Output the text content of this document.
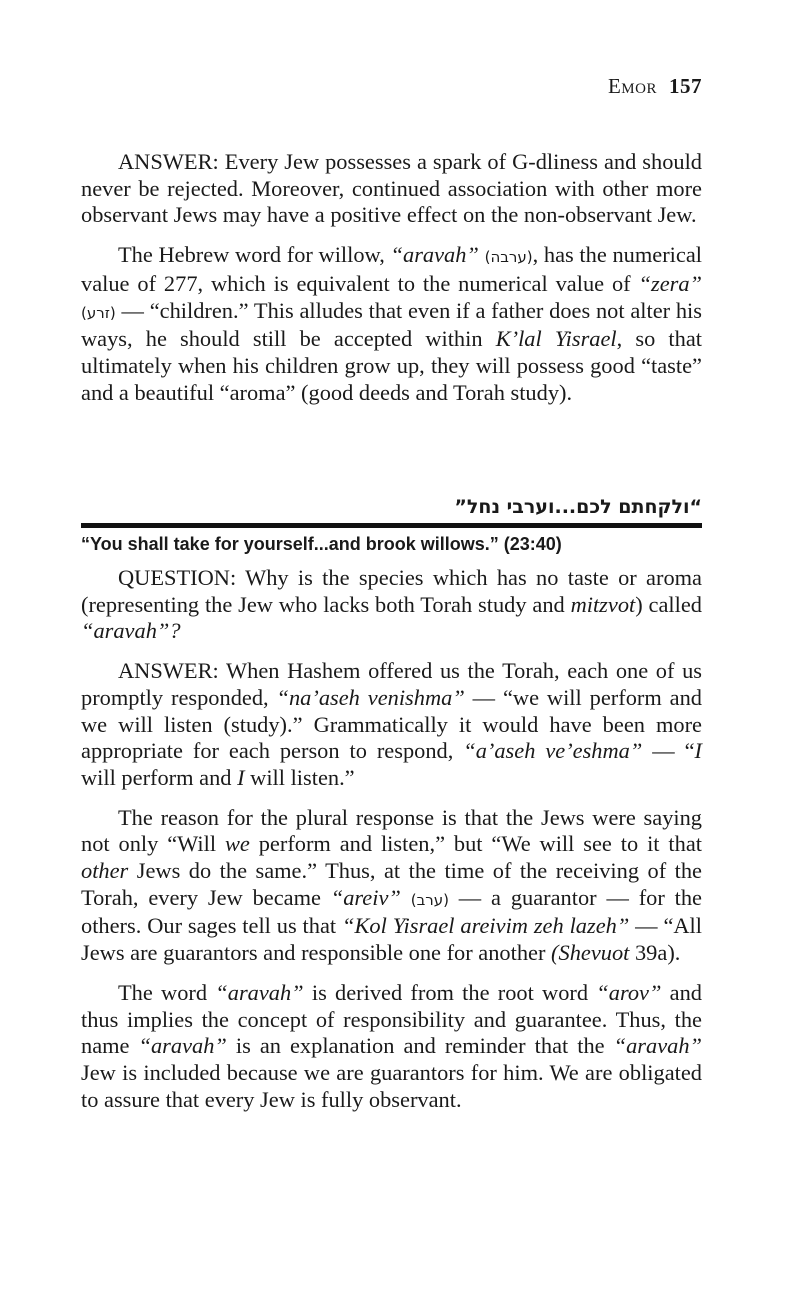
Emor 157

ANSWER: Every Jew possesses a spark of G-dliness and should never be rejected. Moreover, continued association with other more observant Jews may have a positive effect on the non-observant Jew.

The Hebrew word for willow, “aravah” (ערבה), has the numerical value of 277, which is equivalent to the numerical value of “zera” (זרע) — “children.” This alludes that even if a father does not alter his ways, he should still be accepted within K’lal Yisrael, so that ultimately when his children grow up, they will possess good “taste” and a beautiful “aroma” (good deeds and Torah study).

“ולקחתם לכם...וערבי נחל”
“You shall take for yourself...and brook willows.” (23:40)

QUESTION: Why is the species which has no taste or aroma (representing the Jew who lacks both Torah study and mitzvot) called “aravah”?

ANSWER: When Hashem offered us the Torah, each one of us promptly responded, “na’aseh venishma” — “we will perform and we will listen (study).” Grammatically it would have been more appropriate for each person to respond, “a’aseh ve’eshma” — “I will perform and I will listen.”

The reason for the plural response is that the Jews were saying not only “Will we perform and listen,” but “We will see to it that other Jews do the same.” Thus, at the time of the receiving of the Torah, every Jew became “areiv” (ערב) — a guarantor — for the others. Our sages tell us that “Kol Yisrael areivim zeh lazeh” — “All Jews are guarantors and responsible one for another (Shevuot 39a).

The word “aravah” is derived from the root word “arov” and thus implies the concept of responsibility and guarantee. Thus, the name “aravah” is an explanation and reminder that the “aravah” Jew is included because we are guarantors for him. We are obligated to assure that every Jew is fully observant.
